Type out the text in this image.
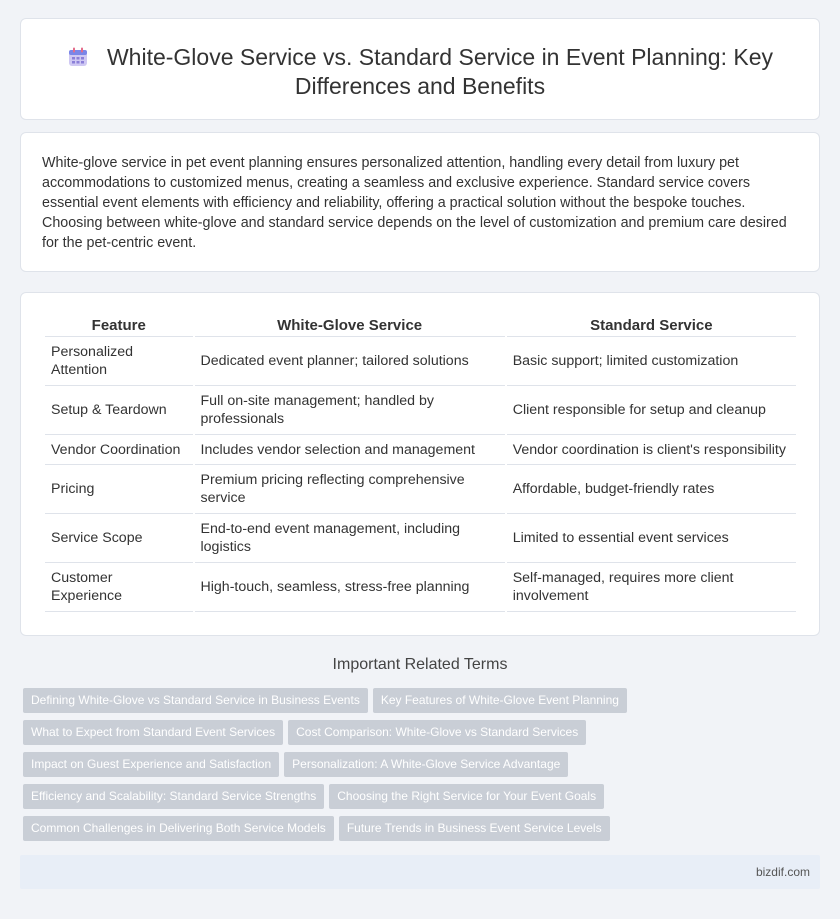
White-Glove Service vs. Standard Service in Event Planning: Key Differences and Benefits

White-glove service in pet event planning ensures personalized attention, handling every detail from luxury pet accommodations to customized menus, creating a seamless and exclusive experience. Standard service covers essential event elements with efficiency and reliability, offering a practical solution without the bespoke touches. Choosing between white-glove and standard service depends on the level of customization and premium care desired for the pet-centric event.

Feature	White-Glove Service	Standard Service
Personalized Attention	Dedicated event planner; tailored solutions	Basic support; limited customization
Setup & Teardown	Full on-site management; handled by professionals	Client responsible for setup and cleanup
Vendor Coordination	Includes vendor selection and management	Vendor coordination is client's responsibility
Pricing	Premium pricing reflecting comprehensive service	Affordable, budget-friendly rates
Service Scope	End-to-end event management, including logistics	Limited to essential event services
Customer Experience	High-touch, seamless, stress-free planning	Self-managed, requires more client involvement
Important Related Terms
Defining White-Glove vs Standard Service in Business Events Key Features of White-Glove Event Planning
What to Expect from Standard Event Services Cost Comparison: White-Glove vs Standard Services
Impact on Guest Experience and Satisfaction Personalization: A White-Glove Service Advantage
Efficiency and Scalability: Standard Service Strengths Choosing the Right Service for Your Event Goals
Common Challenges in Delivering Both Service Models Future Trends in Business Event Service Levels
bizdif.com
